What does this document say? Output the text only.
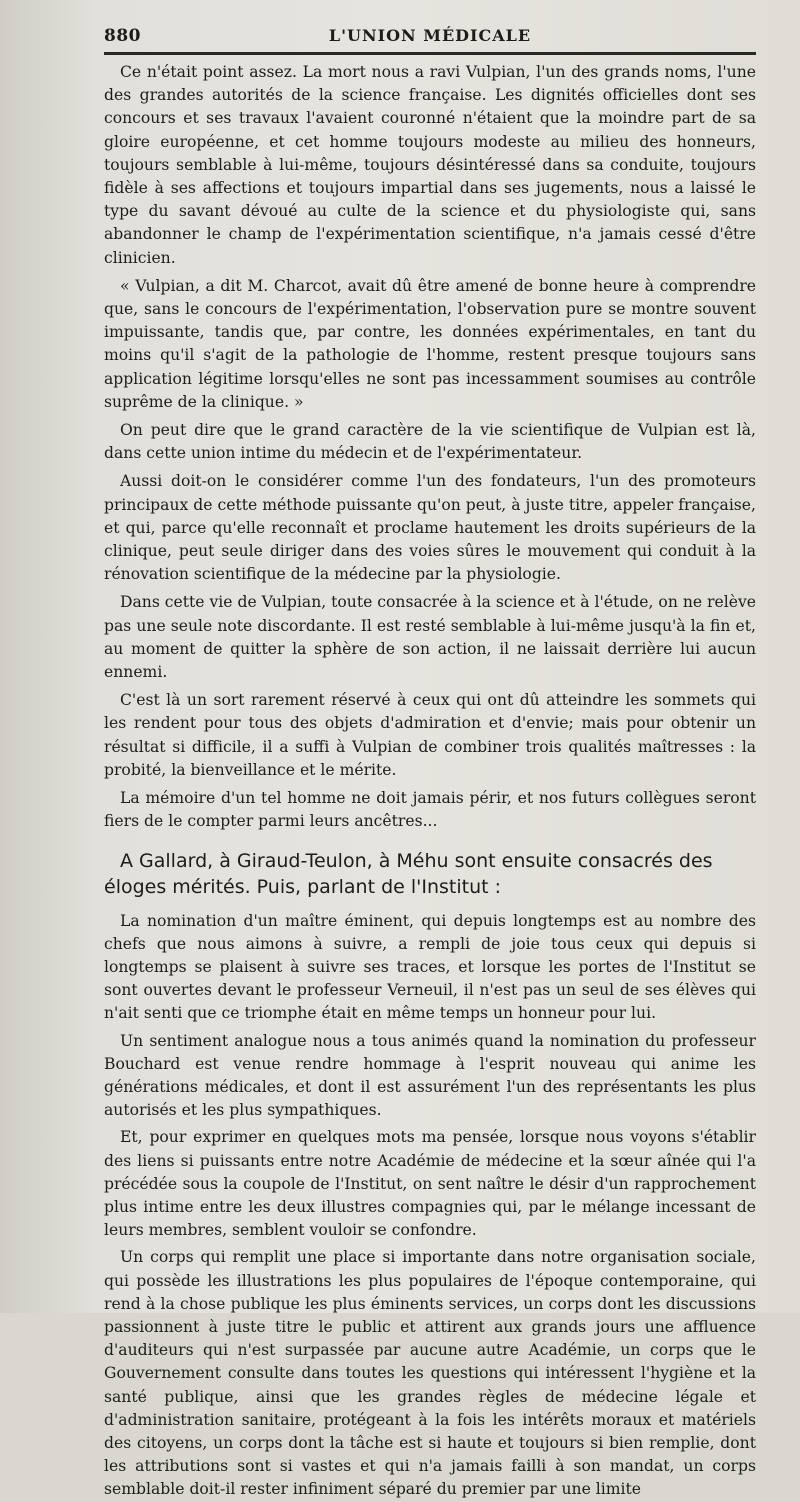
880	L'UNION MÉDICALE

Ce n'était point assez. La mort nous a ravi Vulpian, l'un des grands noms, l'une des grandes autorités de la science française. Les dignités officielles dont ses concours et ses travaux l'avaient couronné n'étaient que la moindre part de sa gloire européenne, et cet homme toujours modeste au milieu des honneurs, toujours semblable à lui-même, toujours désintéressé dans sa conduite, toujours fidèle à ses affections et toujours impartial dans ses jugements, nous a laissé le type du savant dévoué au culte de la science et du physiologiste qui, sans abandonner le champ de l'expérimentation scientifique, n'a jamais cessé d'être clinicien.

« Vulpian, a dit M. Charcot, avait dû être amené de bonne heure à comprendre que, sans le concours de l'expérimentation, l'observation pure se montre souvent impuissante, tandis que, par contre, les données expérimentales, en tant du moins qu'il s'agit de la pathologie de l'homme, restent presque toujours sans application légitime lorsqu'elles ne sont pas incessamment soumises au contrôle suprême de la clinique. »

On peut dire que le grand caractère de la vie scientifique de Vulpian est là, dans cette union intime du médecin et de l'expérimentateur.

Aussi doit-on le considérer comme l'un des fondateurs, l'un des promoteurs principaux de cette méthode puissante qu'on peut, à juste titre, appeler française, et qui, parce qu'elle reconnaît et proclame hautement les droits supérieurs de la clinique, peut seule diriger dans des voies sûres le mouvement qui conduit à la rénovation scientifique de la médecine par la physiologie.

Dans cette vie de Vulpian, toute consacrée à la science et à l'étude, on ne relève pas une seule note discordante. Il est resté semblable à lui-même jusqu'à la fin et, au moment de quitter la sphère de son action, il ne laissait derrière lui aucun ennemi.

C'est là un sort rarement réservé à ceux qui ont dû atteindre les sommets qui les rendent pour tous des objets d'admiration et d'envie; mais pour obtenir un résultat si difficile, il a suffi à Vulpian de combiner trois qualités maîtresses : la probité, la bienveillance et le mérite.

La mémoire d'un tel homme ne doit jamais périr, et nos futurs collègues seront fiers de le compter parmi leurs ancêtres...

A Gallard, à Giraud-Teulon, à Méhu sont ensuite consacrés des éloges mérités. Puis, parlant de l'Institut :

La nomination d'un maître éminent, qui depuis longtemps est au nombre des chefs que nous aimons à suivre, a rempli de joie tous ceux qui depuis si longtemps se plaisent à suivre ses traces, et lorsque les portes de l'Institut se sont ouvertes devant le professeur Verneuil, il n'est pas un seul de ses élèves qui n'ait senti que ce triomphe était en même temps un honneur pour lui.

Un sentiment analogue nous a tous animés quand la nomination du professeur Bouchard est venue rendre hommage à l'esprit nouveau qui anime les générations médicales, et dont il est assurément l'un des représentants les plus autorisés et les plus sympathiques.

Et, pour exprimer en quelques mots ma pensée, lorsque nous voyons s'établir des liens si puissants entre notre Académie de médecine et la sœur aînée qui l'a précédée sous la coupole de l'Institut, on sent naître le désir d'un rapprochement plus intime entre les deux illustres compagnies qui, par le mélange incessant de leurs membres, semblent vouloir se confondre.

Un corps qui remplit une place si importante dans notre organisation sociale, qui possède les illustrations les plus populaires de l'époque contemporaine, qui rend à la chose publique les plus éminents services, un corps dont les discussions passionnent à juste titre le public et attirent aux grands jours une affluence d'auditeurs qui n'est surpassée par aucune autre Académie, un corps que le Gouvernement consulte dans toutes les questions qui intéressent l'hygiène et la santé publique, ainsi que les grandes règles de médecine légale et d'administration sanitaire, protégeant à la fois les intérêts moraux et matériels des citoyens, un corps dont la tâche est si haute et toujours si bien remplie, dont les attributions sont si vastes et qui n'a jamais failli à son mandat, un corps semblable doit-il rester infiniment séparé du premier par une limite
